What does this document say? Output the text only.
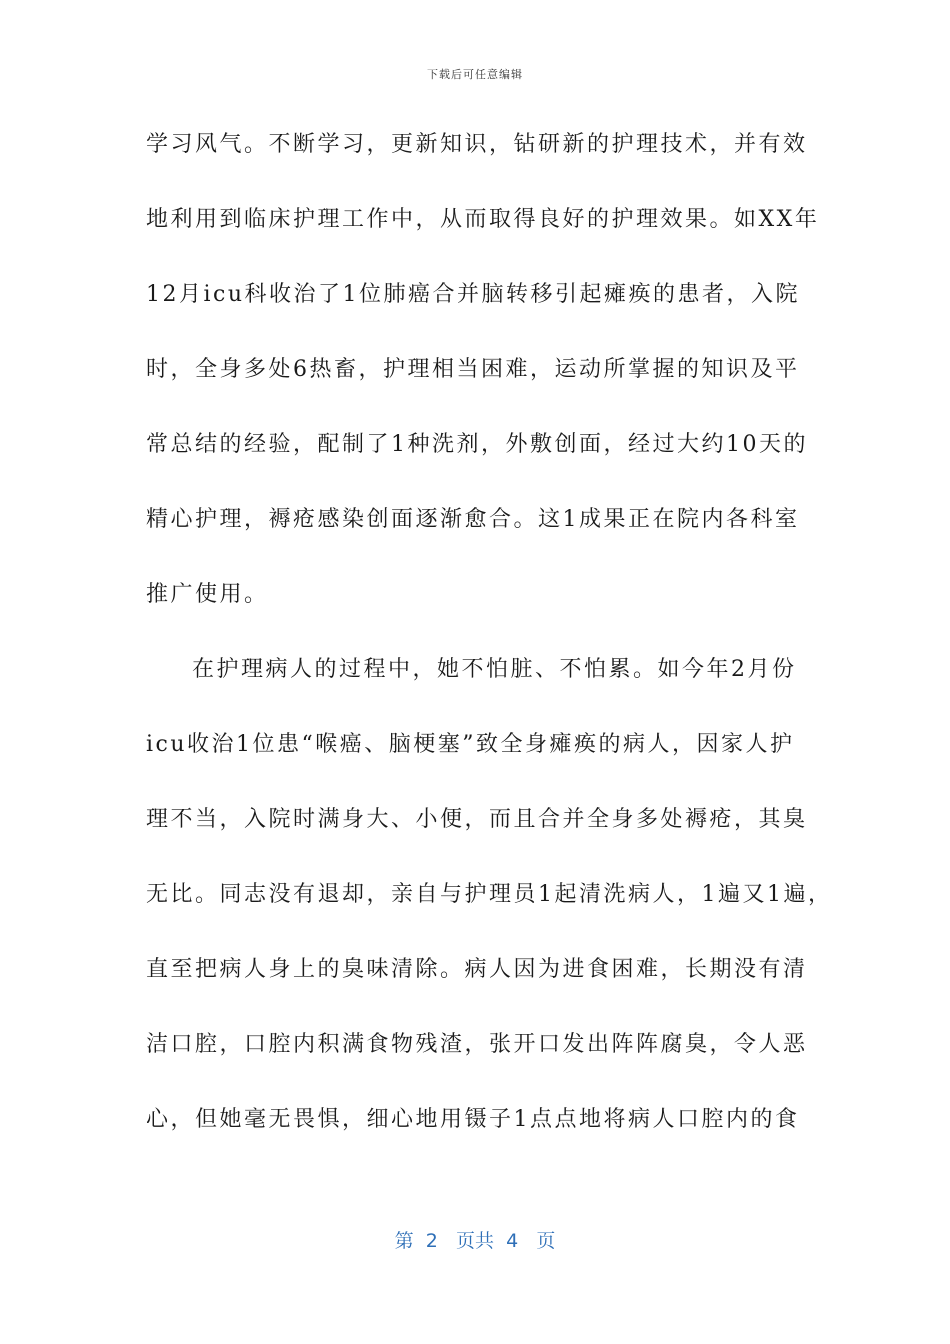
下载后可任意编辑
学习风气。不断学习，更新知识，钻研新的护理技术，并有效
地利用到临床护理工作中，从而取得良好的护理效果。如XX年
12月icu科收治了1位肺癌合并脑转移引起瘫痪的患者，入院
时，全身多处6热畜，护理相当困难，运动所掌握的知识及平
常总结的经验，配制了1种洗剂，外敷创面，经过大约10天的
精心护理，褥疮感染创面逐渐愈合。这1成果正在院内各科室
推广使用。
在护理病人的过程中，她不怕脏、不怕累。如今年2月份
icu收治1位患“喉癌、脑梗塞”致全身瘫痪的病人，因家人护
理不当，入院时满身大、小便，而且合并全身多处褥疮，其臭
无比。同志没有退却，亲自与护理员1起清洗病人，1遍又1遍，
直至把病人身上的臭味清除。病人因为进食困难，长期没有清
洁口腔，口腔内积满食物残渣，张开口发出阵阵腐臭，令人恶
心，但她毫无畏惧，细心地用镊子1点点地将病人口腔内的食
第 2 页共 4 页
